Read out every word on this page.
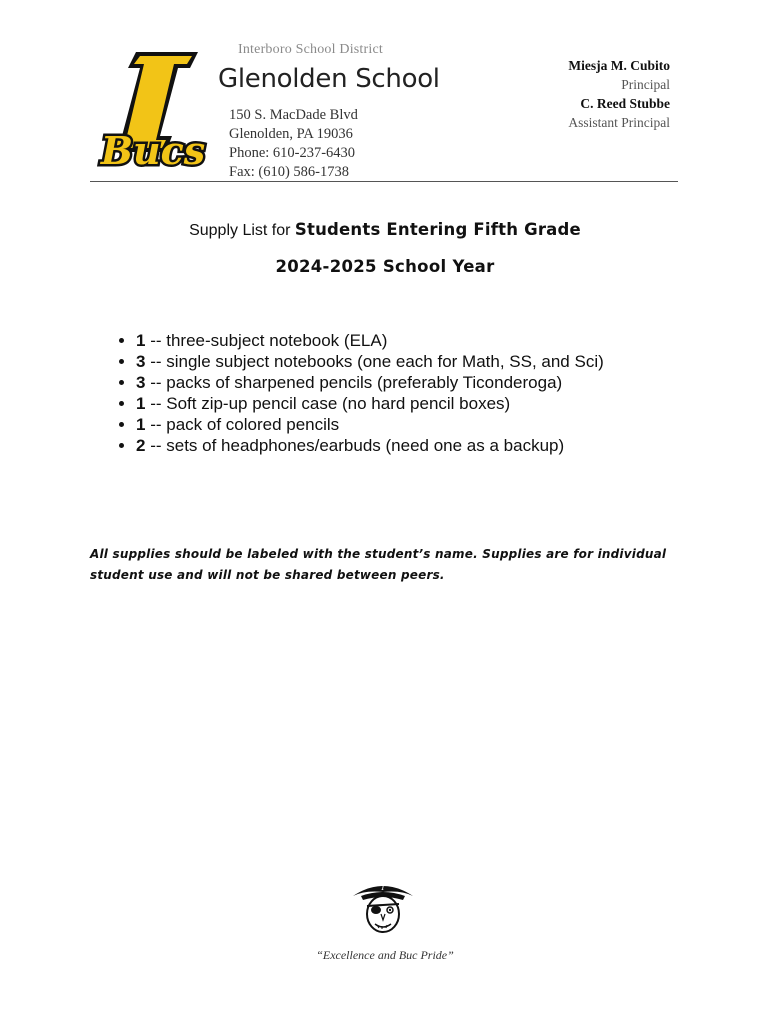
Bucs
Interboro School District
Glenolden School
150 S. MacDade Blvd
Glenolden, PA 19036
Phone: 610-237-6430
Fax: (610) 586-1738
Miesja M. Cubito
Principal
C. Reed Stubbe
Assistant Principal
Supply List for Students Entering Fifth Grade
2024-2025 School Year
• 1 -- three-subject notebook (ELA)
• 3 -- single subject notebooks (one each for Math, SS, and Sci)
• 3 -- packs of sharpened pencils (preferably Ticonderoga)
• 1 -- Soft zip-up pencil case (no hard pencil boxes)
• 1 -- pack of colored pencils
• 2 -- sets of headphones/earbuds (need one as a backup)
All supplies should be labeled with the student’s name. Supplies are for individual student use and will not be shared between peers.
I
“Excellence and Buc Pride”
